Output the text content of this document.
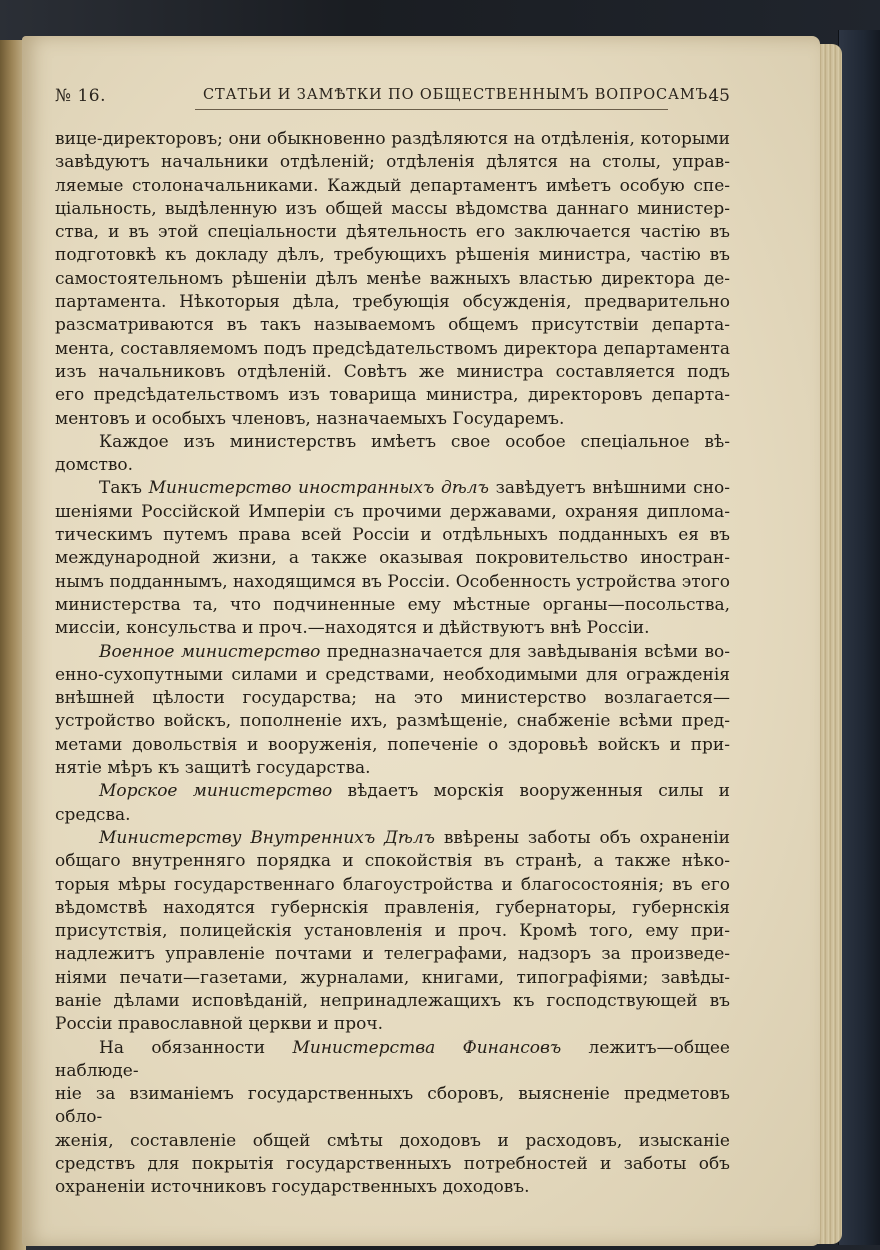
№ 16.	СТАТЬИ И ЗАМѢТКИ ПО ОБЩЕСТВЕННЫМЪ ВОПРОСАМЪ.
45

вице-директоровъ; они обыкновенно раздѣляются на отдѣленія, которыми

завѣдуютъ начальники отдѣленій; отдѣленія дѣлятся на столы, управ-

ляемые столоначальниками. Каждый департаментъ имѣетъ особую спе-

ціальность, выдѣленную изъ общей массы вѣдомства даннаго министер-

ства, и въ этой спеціальности дѣятельность его заключается частію въ

подготовкѣ къ докладу дѣлъ, требующихъ рѣшенія министра, частію въ

самостоятельномъ рѣшеніи дѣлъ менѣе важныхъ властью директора де-

партамента. Нѣкоторыя дѣла, требующія обсужденія, предварительно

разсматриваются въ такъ называемомъ общемъ присутствіи департа-

мента, составляемомъ подъ предсѣдательствомъ директора департамента

изъ начальниковъ отдѣленій. Совѣтъ же министра составляется подъ

его предсѣдательствомъ изъ товарища министра, директоровъ департа-

ментовъ и особыхъ членовъ, назначаемыхъ Государемъ.

Каждое изъ министерствъ имѣетъ свое особое спеціальное вѣ-

домство.

Такъ Министерство иностранныхъ дѣлъ завѣдуетъ внѣшними сно-

шеніями Россійской Имперіи съ прочими державами, охраняя диплома-

тическимъ путемъ права всей Россіи и отдѣльныхъ подданныхъ ея въ

международной жизни, а также оказывая покровительство иностран-

нымъ подданнымъ, находящимся въ Россіи. Особенность устройства этого

министерства та, что подчиненные ему мѣстные органы—посольства,

миссіи, консульства и проч.—находятся и дѣйствуютъ внѣ Россіи.

Военное министерство предназначается для завѣдыванія всѣми во-

енно-сухопутными силами и средствами, необходимыми для огражденія

внѣшней цѣлости государства; на это министерство возлагается—

устройство войскъ, пополненіе ихъ, размѣщеніе, снабженіе всѣми пред-

метами довольствія и вооруженія, попеченіе о здоровьѣ войскъ и при-

нятіе мѣръ къ защитѣ государства.

Морское министерство вѣдаетъ морскія вооруженныя силы и средсва.

Министерству Внутреннихъ Дѣлъ ввѣрены заботы объ охраненіи

общаго внутренняго порядка и спокойствія въ странѣ, а также нѣко-

торыя мѣры государственнаго благоустройства и благосостоянія; въ его

вѣдомствѣ находятся губернскія правленія, губернаторы, губернскія

присутствія, полицейскія установленія и проч. Кромѣ того, ему при-

надлежитъ управленіе почтами и телеграфами, надзоръ за произведе-

ніями печати—газетами, журналами, книгами, типографіями; завѣды-

ваніе дѣлами исповѣданій, непринадлежащихъ къ господствующей въ

Россіи православной церкви и проч.

На обязанности Министерства Финансовъ лежитъ—общее наблюде-

ніе за взиманіемъ государственныхъ сборовъ, выясненіе предметовъ обло-

женія, составленіе общей смѣты доходовъ и расходовъ, изысканіе

средствъ для покрытія государственныхъ потребностей и заботы объ

охраненіи источниковъ государственныхъ доходовъ.
